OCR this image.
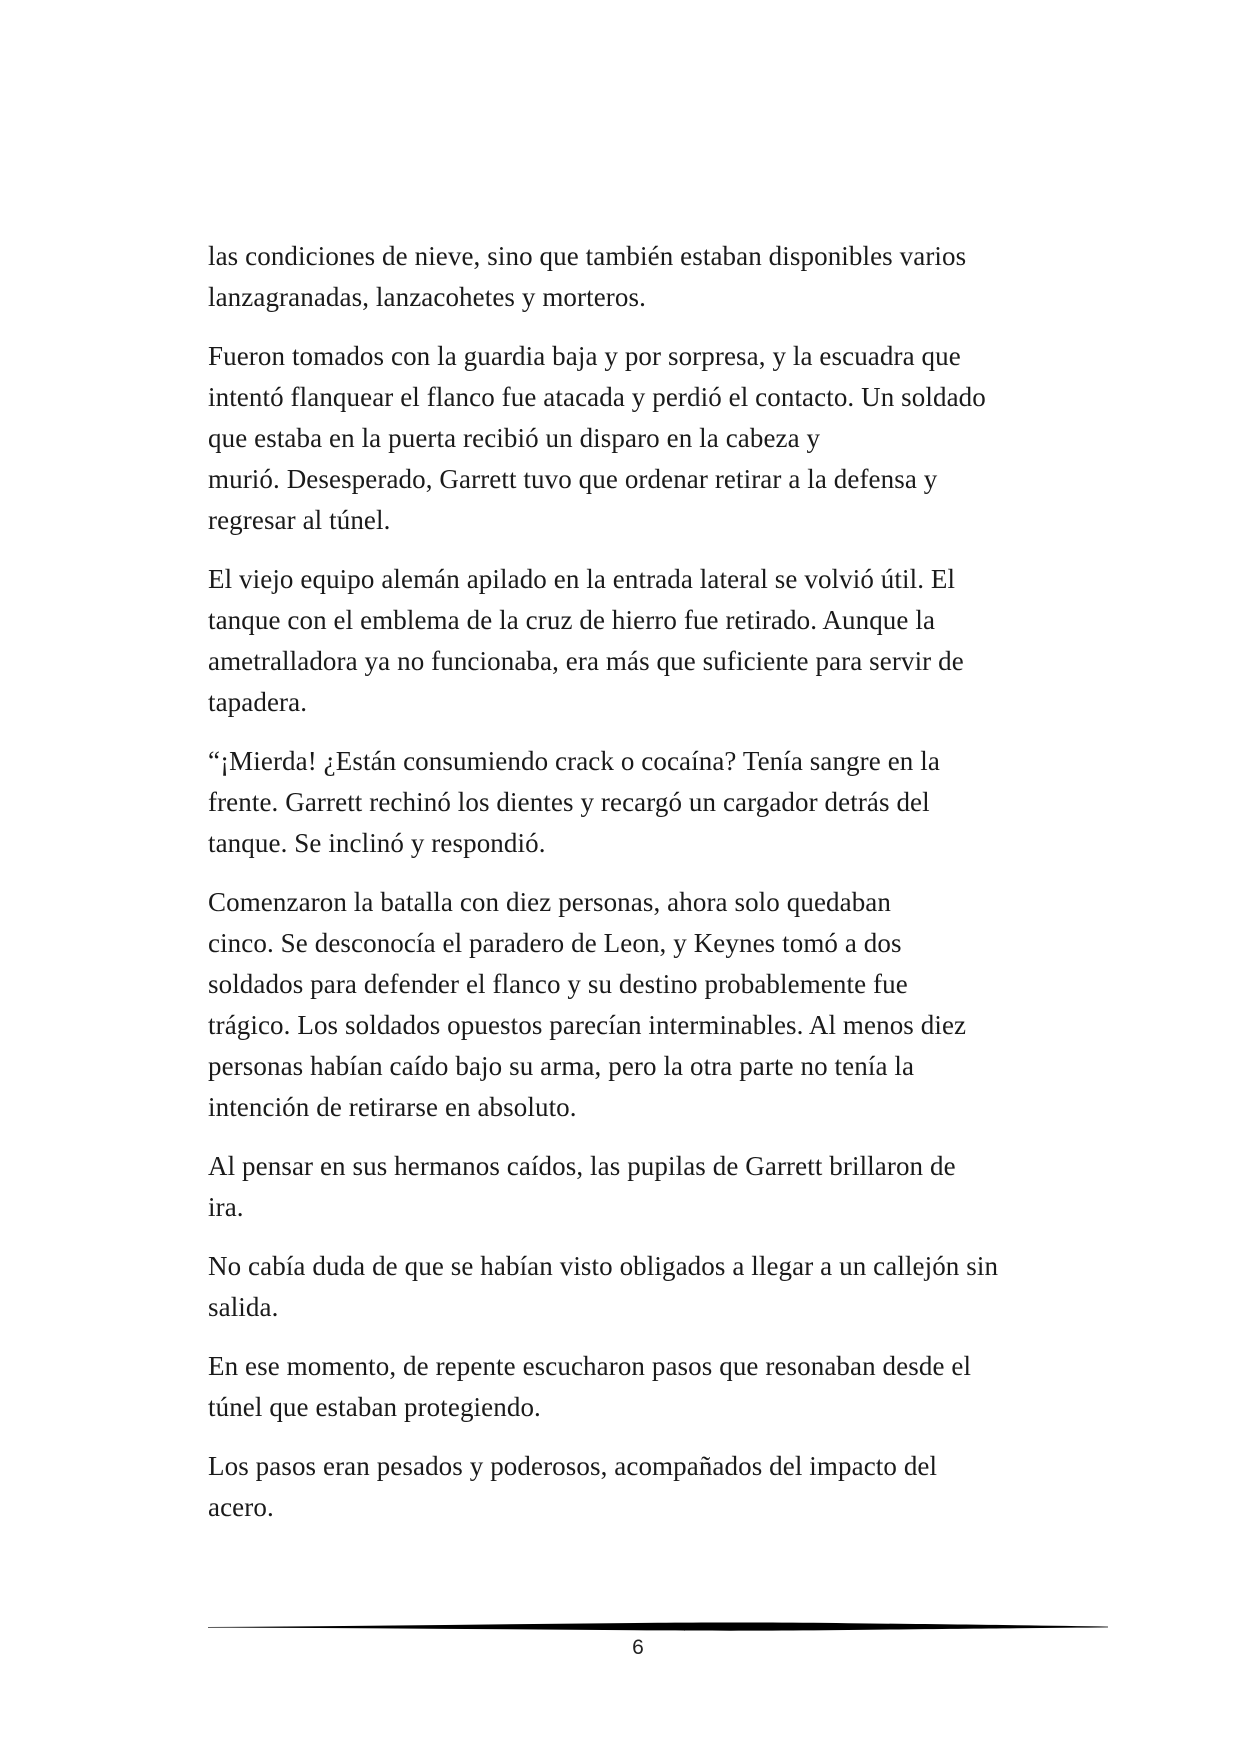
las condiciones de nieve, sino que también estaban disponibles varios
lanzagranadas, lanzacohetes y morteros.

Fueron tomados con la guardia baja y por sorpresa, y la escuadra que
intentó flanquear el flanco fue atacada y perdió el contacto. Un soldado
que estaba en la puerta recibió un disparo en la cabeza y
murió. Desesperado, Garrett tuvo que ordenar retirar a la defensa y
regresar al túnel.

El viejo equipo alemán apilado en la entrada lateral se volvió útil. El
tanque con el emblema de la cruz de hierro fue retirado. Aunque la
ametralladora ya no funcionaba, era más que suficiente para servir de
tapadera.

“¡Mierda! ¿Están consumiendo crack o cocaína? Tenía sangre en la
frente. Garrett rechinó los dientes y recargó un cargador detrás del
tanque. Se inclinó y respondió.

Comenzaron la batalla con diez personas, ahora solo quedaban
cinco. Se desconocía el paradero de Leon, y Keynes tomó a dos
soldados para defender el flanco y su destino probablemente fue
trágico. Los soldados opuestos parecían interminables. Al menos diez
personas habían caído bajo su arma, pero la otra parte no tenía la
intención de retirarse en absoluto.

Al pensar en sus hermanos caídos, las pupilas de Garrett brillaron de
ira.

No cabía duda de que se habían visto obligados a llegar a un callejón sin
salida.

En ese momento, de repente escucharon pasos que resonaban desde el
túnel que estaban protegiendo.

Los pasos eran pesados y poderosos, acompañados del impacto del
acero.

6
